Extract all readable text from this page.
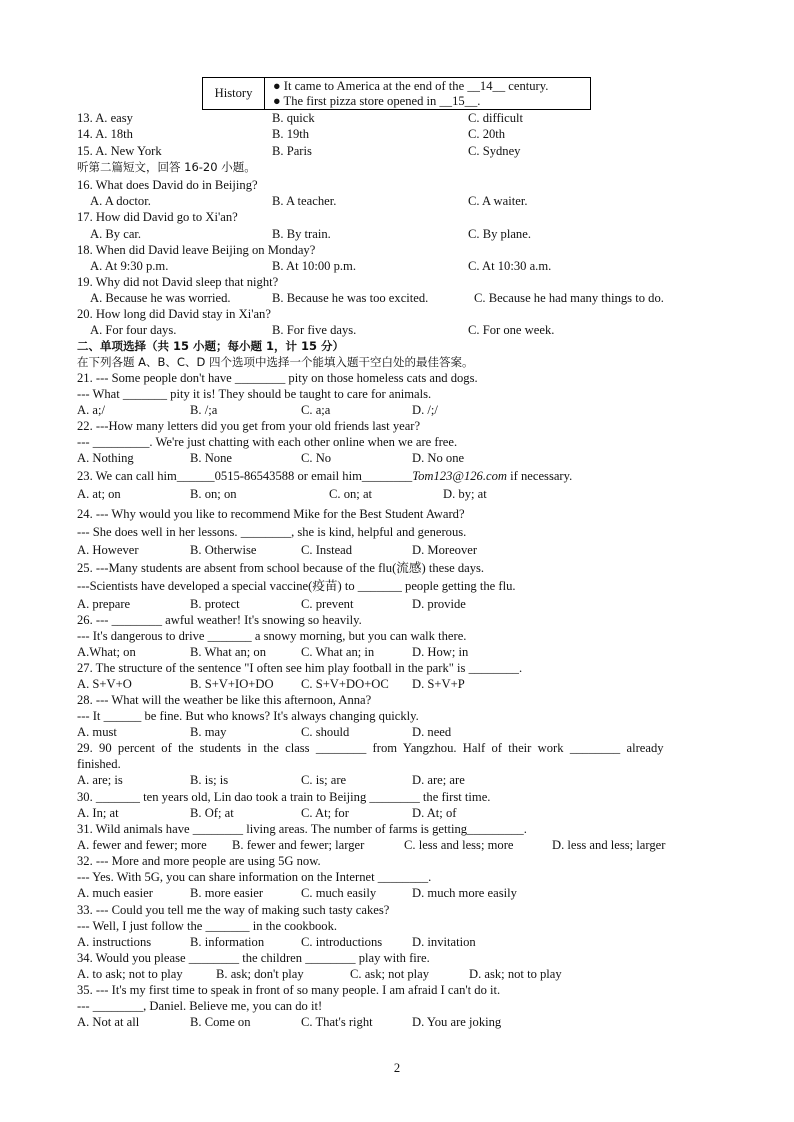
History	● It came to America at the end of the __14__ century.
● The first pizza store opened in __15__.
13. A. easy	B. quick	C. difficult
14. A. 18th	B. 19th	C. 20th
15. A. New York	B. Paris	C. Sydney
听第二篇短文，回答 16-20 小题。
16. What does David do in Beijing?
A. A doctor.	B. A teacher.	C. A waiter.
17. How did David go to Xi'an?
A. By car.	B. By train.	C. By plane.
18. When did David leave Beijing on Monday?
A. At 9:30 p.m.	B. At 10:00 p.m.	C. At 10:30 a.m.
19. Why did not David sleep that night?
A. Because he was worried.	B. Because he was too excited.	C. Because he had many things to do.
20. How long did David stay in Xi'an?
A. For four days.	B. For five days.	C. For one week.
二、单项选择（共 15 小题；每小题 1，计 15 分）
在下列各题 A、B、C、D 四个选项中选择一个能填入题干空白处的最佳答案。
21. --- Some people don't have ________ pity on those homeless cats and dogs.
--- What _______ pity it is! They should be taught to care for animals.
A. a;/	B. /;a	C. a;a	D. /;/
22. ---How many letters did you get from your old friends last year?
--- _________. We're just chatting with each other online when we are free.
A. Nothing	B. None	C. No	D. No one
23. We can call him______0515-86543588 or email him________Tom123@126.com if necessary.
A. at; on	B. on; on	C. on; at	D. by; at
24. --- Why would you like to recommend Mike for the Best Student Award?
--- She does well in her lessons. ________, she is kind, helpful and generous.
A. However	B. Otherwise	C. Instead	D. Moreover
25. ---Many students are absent from school because of the flu(流感) these days.
---Scientists have developed a special vaccine(疫苗) to _______ people getting the flu.
A. prepare	B. protect	C. prevent	D. provide
26. --- ________ awful weather! It's snowing so heavily.
--- It's dangerous to drive _______ a snowy morning, but you can walk there.
A.What; on	B. What an; on	C. What an; in	D. How; in
27. The structure of the sentence "I often see him play football in the park" is ________.
A. S+V+O	B. S+V+IO+DO C. S+V+DO+OC D. S+V+P
28. --- What will the weather be like this afternoon, Anna?
--- It ______ be fine. But who knows? It's always changing quickly.
A. must	B. may	C. should	D. need
29.  90  percent  of  the  students  in  the  class  ________  from  Yangzhou.  Half  of  their  work  ________  already
finished.
A. are; is	B. is; is	C. is; are	D. are; are
30. _______ ten years old, Lin dao took a train to Beijing ________ the first time.
A. In; at	B. Of; at	C. At; for	D. At; of
31. Wild animals have ________ living areas. The number of farms is getting_________.
A. fewer and fewer; more B. fewer and fewer; larger	C. less and less; more	D. less and less; larger
32. --- More and more people are using 5G now.
--- Yes. With 5G, you can share information on the Internet ________.
A. much easier	B. more easier	C. much easily	D. much more easily
33. --- Could you tell me the way of making such tasty cakes?
--- Well, I just follow the _______ in the cookbook.
A. instructions	B. information	C. introductions D. invitation
34. Would you please ________ the children ________ play with fire.
A. to ask; not to play	B. ask; don't play	C. ask; not play	D. ask; not to play
35. --- It's my first time to speak in front of so many people. I am afraid I can't do it.
--- ________, Daniel. Believe me, you can do it!
A. Not at all	B. Come on	C. That's right	D. You are joking
2
